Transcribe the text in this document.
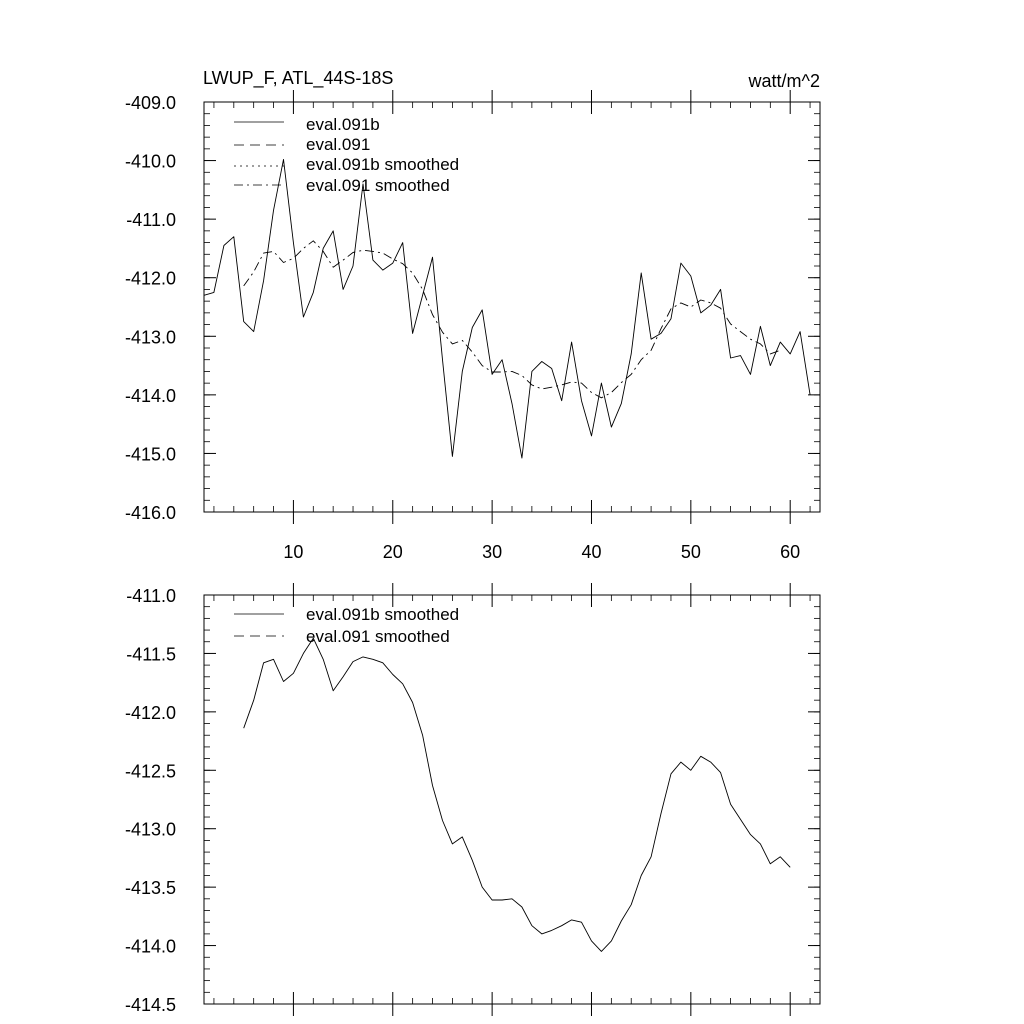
LWUP_F, ATL_44S-18S	watt/m^2
-409.0
-410.0
-411.0
-412.0
-413.0
-414.0
-415.0
-416.0
10	20	30	40	50	60
eval.091b
eval.091
eval.091b smoothed
eval.091 smoothed
-411.0
-411.5
-412.0
-412.5
-413.0
-413.5
-414.0
-414.5
eval.091b smoothed
eval.091 smoothed
